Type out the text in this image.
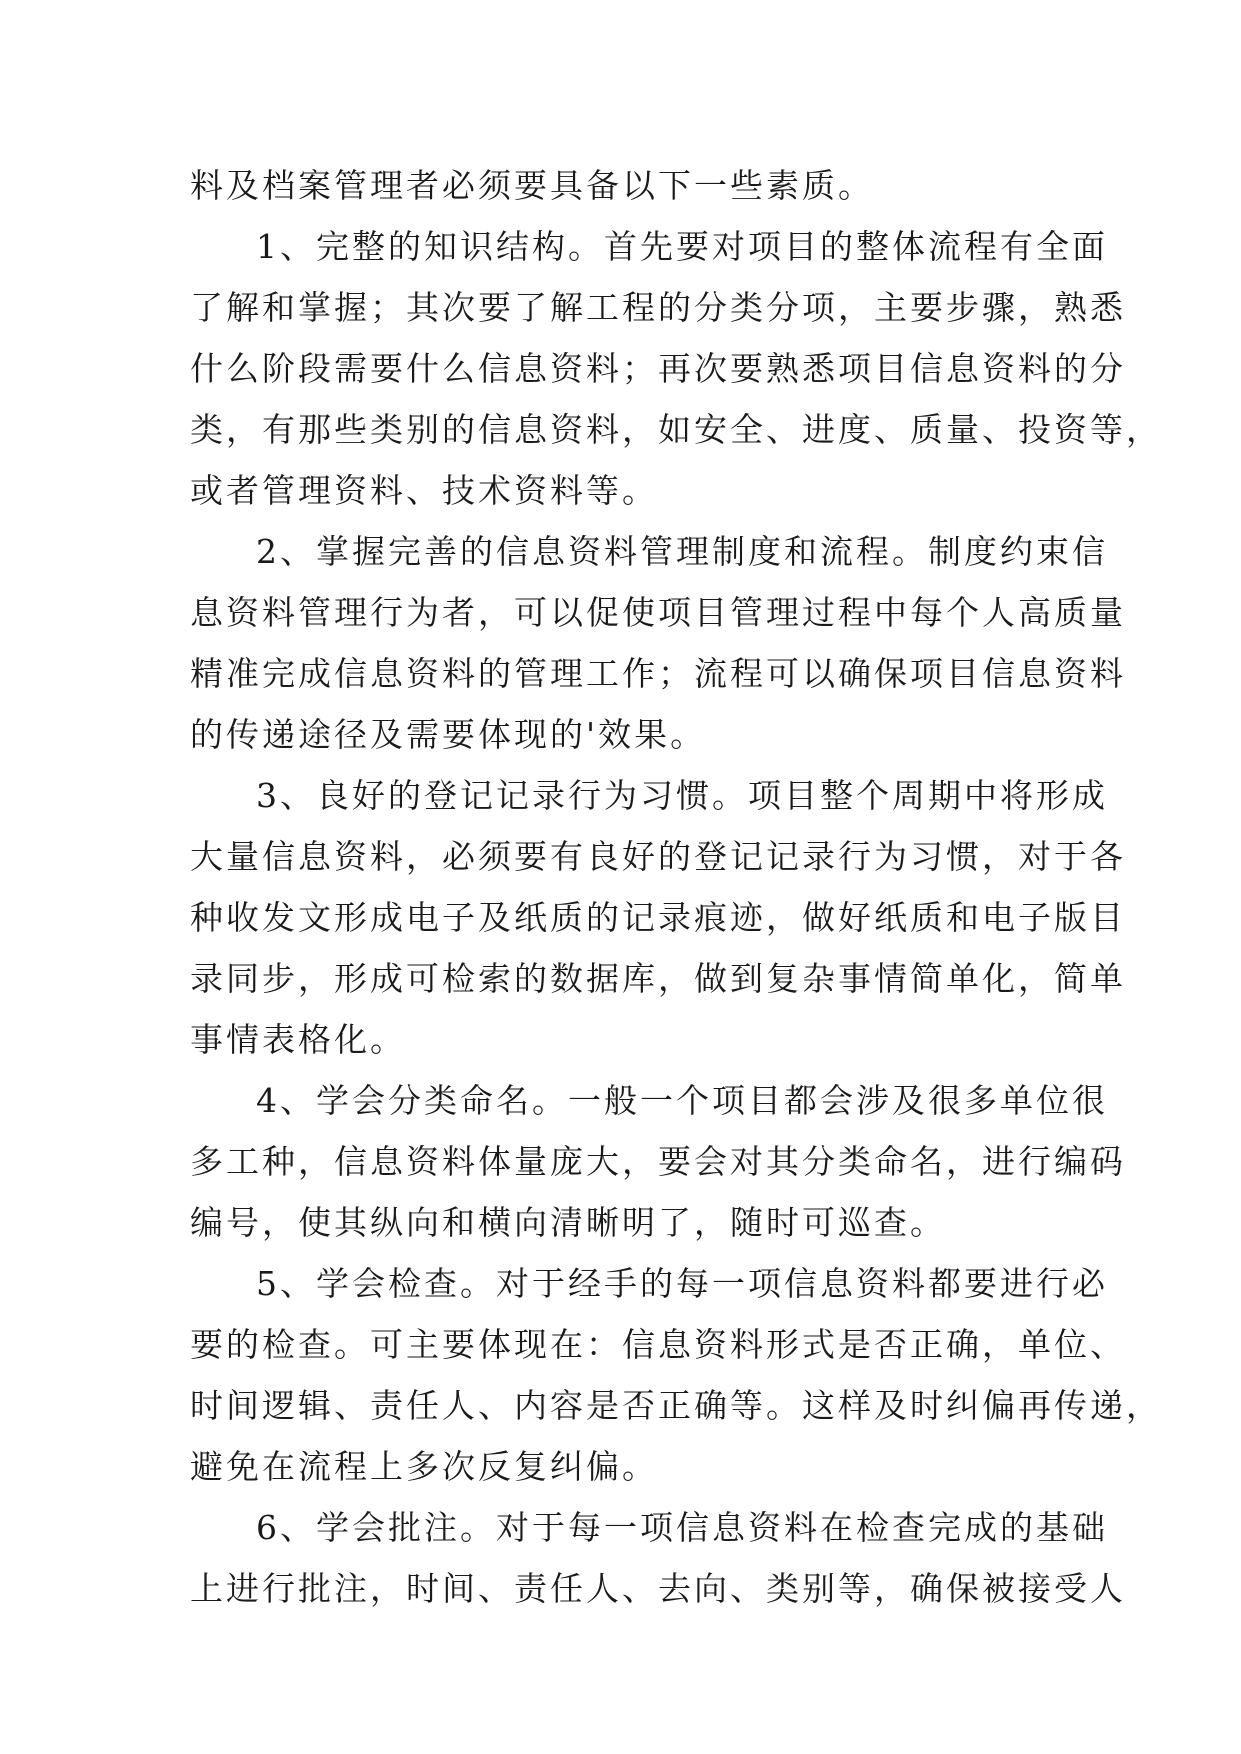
料及档案管理者必须要具备以下一些素质。
1、完整的知识结构。首先要对项目的整体流程有全面
了解和掌握；其次要了解工程的分类分项，主要步骤，熟悉
什么阶段需要什么信息资料；再次要熟悉项目信息资料的分
类，有那些类别的信息资料，如安全、进度、质量、投资等，
或者管理资料、技术资料等。
2、掌握完善的信息资料管理制度和流程。制度约束信
息资料管理行为者，可以促使项目管理过程中每个人高质量
精准完成信息资料的管理工作；流程可以确保项目信息资料
的传递途径及需要体现的'效果。
3、良好的登记记录行为习惯。项目整个周期中将形成
大量信息资料，必须要有良好的登记记录行为习惯，对于各
种收发文形成电子及纸质的记录痕迹，做好纸质和电子版目
录同步，形成可检索的数据库，做到复杂事情简单化，简单
事情表格化。
4、学会分类命名。一般一个项目都会涉及很多单位很
多工种，信息资料体量庞大，要会对其分类命名，进行编码
编号，使其纵向和横向清晰明了，随时可巡查。
5、学会检查。对于经手的每一项信息资料都要进行必
要的检查。可主要体现在：信息资料形式是否正确，单位、
时间逻辑、责任人、内容是否正确等。这样及时纠偏再传递，
避免在流程上多次反复纠偏。
6、学会批注。对于每一项信息资料在检查完成的基础
上进行批注，时间、责任人、去向、类别等，确保被接受人
